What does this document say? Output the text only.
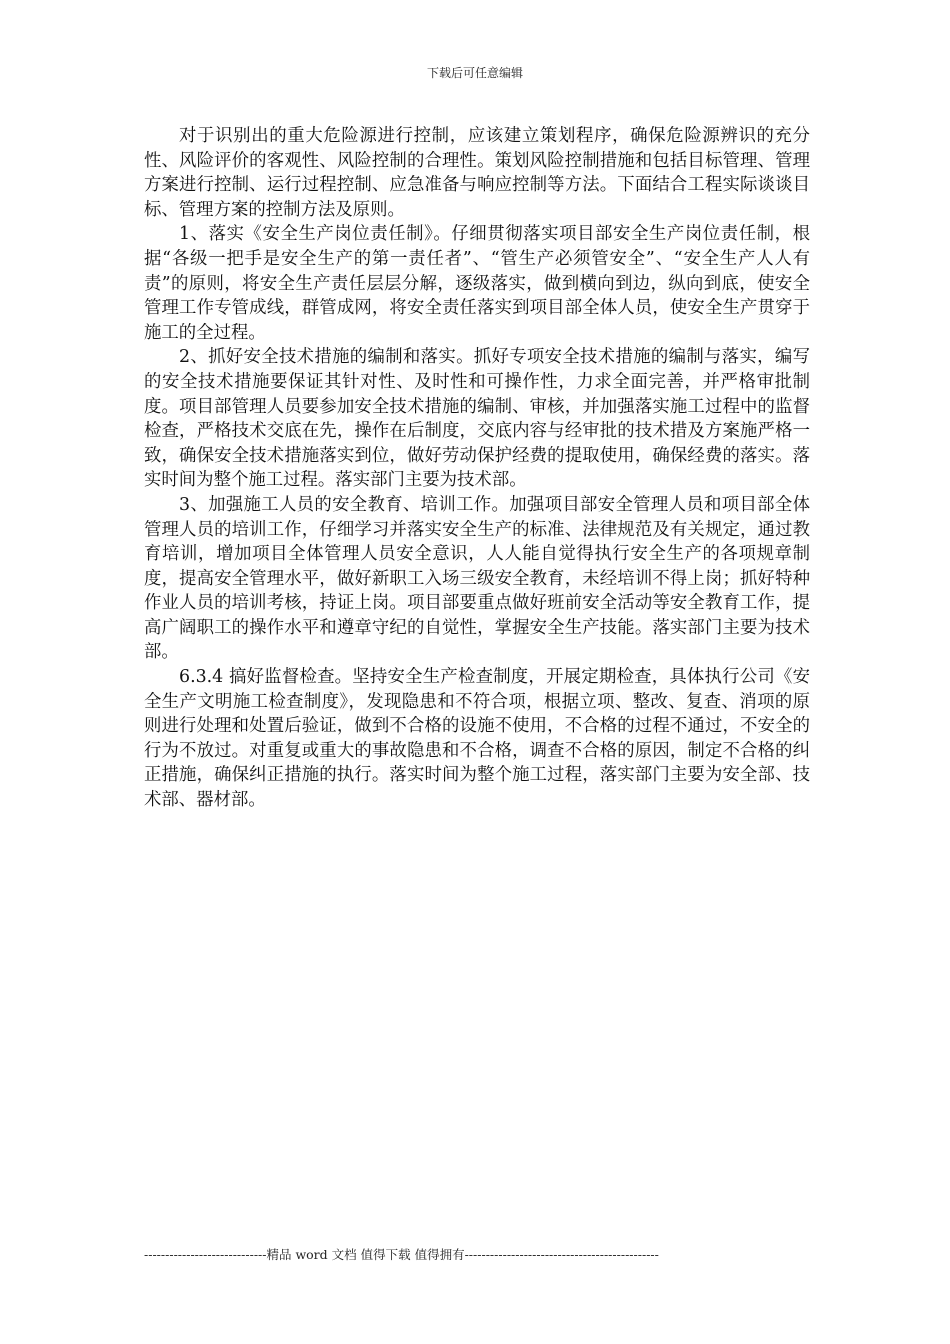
下载后可任意编辑

对于识别出的重大危险源进行控制，应该建立策划程序，确保危险源辨识的充分性、风险评价的客观性、风险控制的合理性。策划风险控制措施和包括目标管理、管理方案进行控制、运行过程控制、应急准备与响应控制等方法。下面结合工程实际谈谈目标、管理方案的控制方法及原则。

1、落实《安全生产岗位责任制》。仔细贯彻落实项目部安全生产岗位责任制，根据“各级一把手是安全生产的第一责任者”、“管生产必须管安全”、“安全生产人人有责”的原则，将安全生产责任层层分解，逐级落实，做到横向到边，纵向到底，使安全管理工作专管成线，群管成网，将安全责任落实到项目部全体人员，使安全生产贯穿于施工的全过程。

2、抓好安全技术措施的编制和落实。抓好专项安全技术措施的编制与落实，编写的安全技术措施要保证其针对性、及时性和可操作性，力求全面完善，并严格审批制度。项目部管理人员要参加安全技术措施的编制、审核，并加强落实施工过程中的监督检查，严格技术交底在先，操作在后制度，交底内容与经审批的技术措及方案施严格一致，确保安全技术措施落实到位，做好劳动保护经费的提取使用，确保经费的落实。落实时间为整个施工过程。落实部门主要为技术部。

3、加强施工人员的安全教育、培训工作。加强项目部安全管理人员和项目部全体管理人员的培训工作，仔细学习并落实安全生产的标准、法律规范及有关规定，通过教育培训，增加项目全体管理人员安全意识，人人能自觉得执行安全生产的各项规章制度，提高安全管理水平，做好新职工入场三级安全教育，未经培训不得上岗；抓好特种作业人员的培训考核，持证上岗。项目部要重点做好班前安全活动等安全教育工作，提高广阔职工的操作水平和遵章守纪的自觉性，掌握安全生产技能。落实部门主要为技术部。

6.3.4 搞好监督检查。坚持安全生产检查制度，开展定期检查，具体执行公司《安全生产文明施工检查制度》，发现隐患和不符合项，根据立项、整改、复查、消项的原则进行处理和处置后验证，做到不合格的设施不使用，不合格的过程不通过，不安全的行为不放过。对重复或重大的事故隐患和不合格，调查不合格的原因，制定不合格的纠正措施，确保纠正措施的执行。落实时间为整个施工过程，落实部门主要为安全部、技术部、器材部。

-----------------------------精品 word 文档 值得下载 值得拥有----------------------------------------------
